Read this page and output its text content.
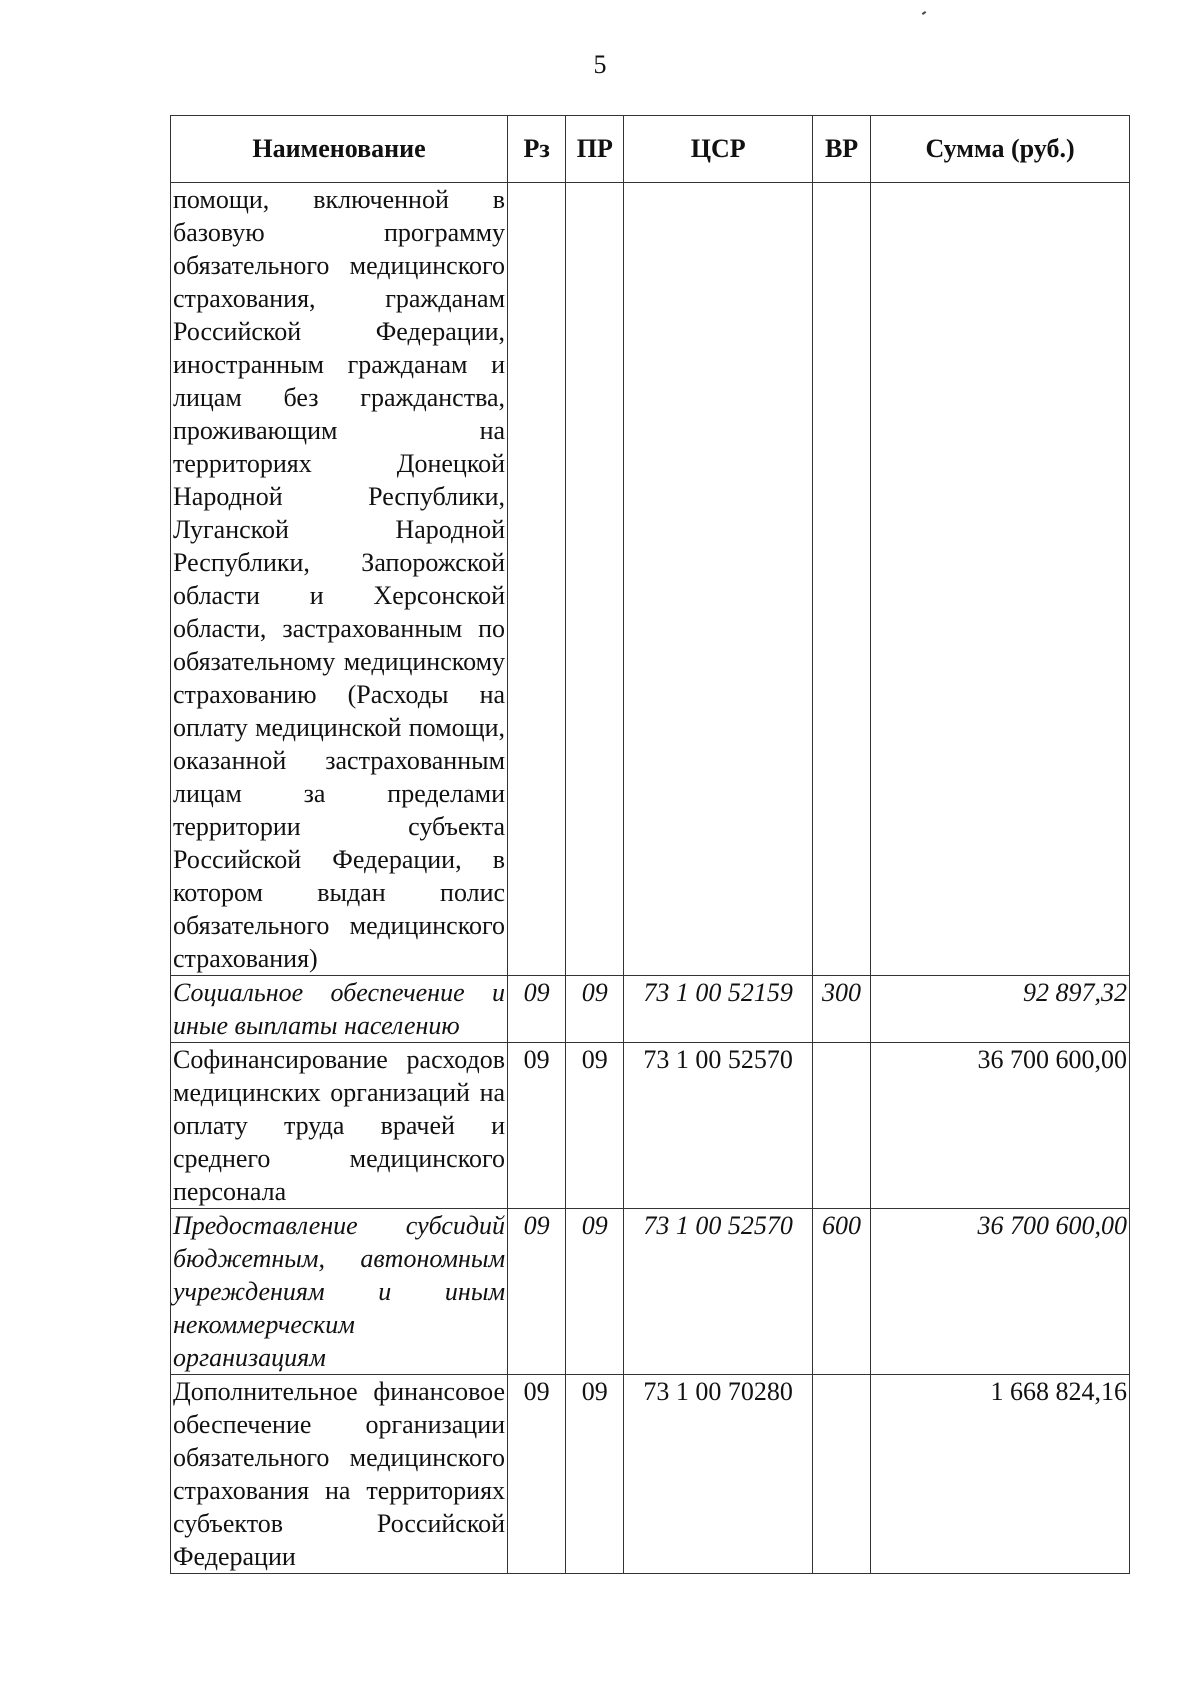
5
Наименование	Рз	ПР	ЦСР	ВР	Сумма (руб.)
помощи, включенной в базовую программу обязательного медицинского страхования, гражданам Российской Федерации, иностранным гражданам и лицам без гражданства, проживающим на территориях Донецкой Народной Республики, Луганской Народной Республики, Запорожской области и Херсонской области, застрахованным по обязательному медицинскому страхованию (Расходы на оплату медицинской помощи, оказанной застрахованным лицам за пределами территории субъекта Российской Федерации, в котором выдан полис обязательного медицинского страхования)					
Социальное обеспечение и иные выплаты населению	09	09	73 1 00 52159	300	92 897,32
Софинансирование расходов медицинских организаций на оплату труда врачей и среднего медицинского персонала	09	09	73 1 00 52570		36 700 600,00
Предоставление субсидий бюджетным, автономным учреждениям и иным некоммерческим организациям	09	09	73 1 00 52570	600	36 700 600,00
Дополнительное финансовое обеспечение организации обязательного медицинского страхования на территориях субъектов Российской Федерации	09	09	73 1 00 70280		1 668 824,16
